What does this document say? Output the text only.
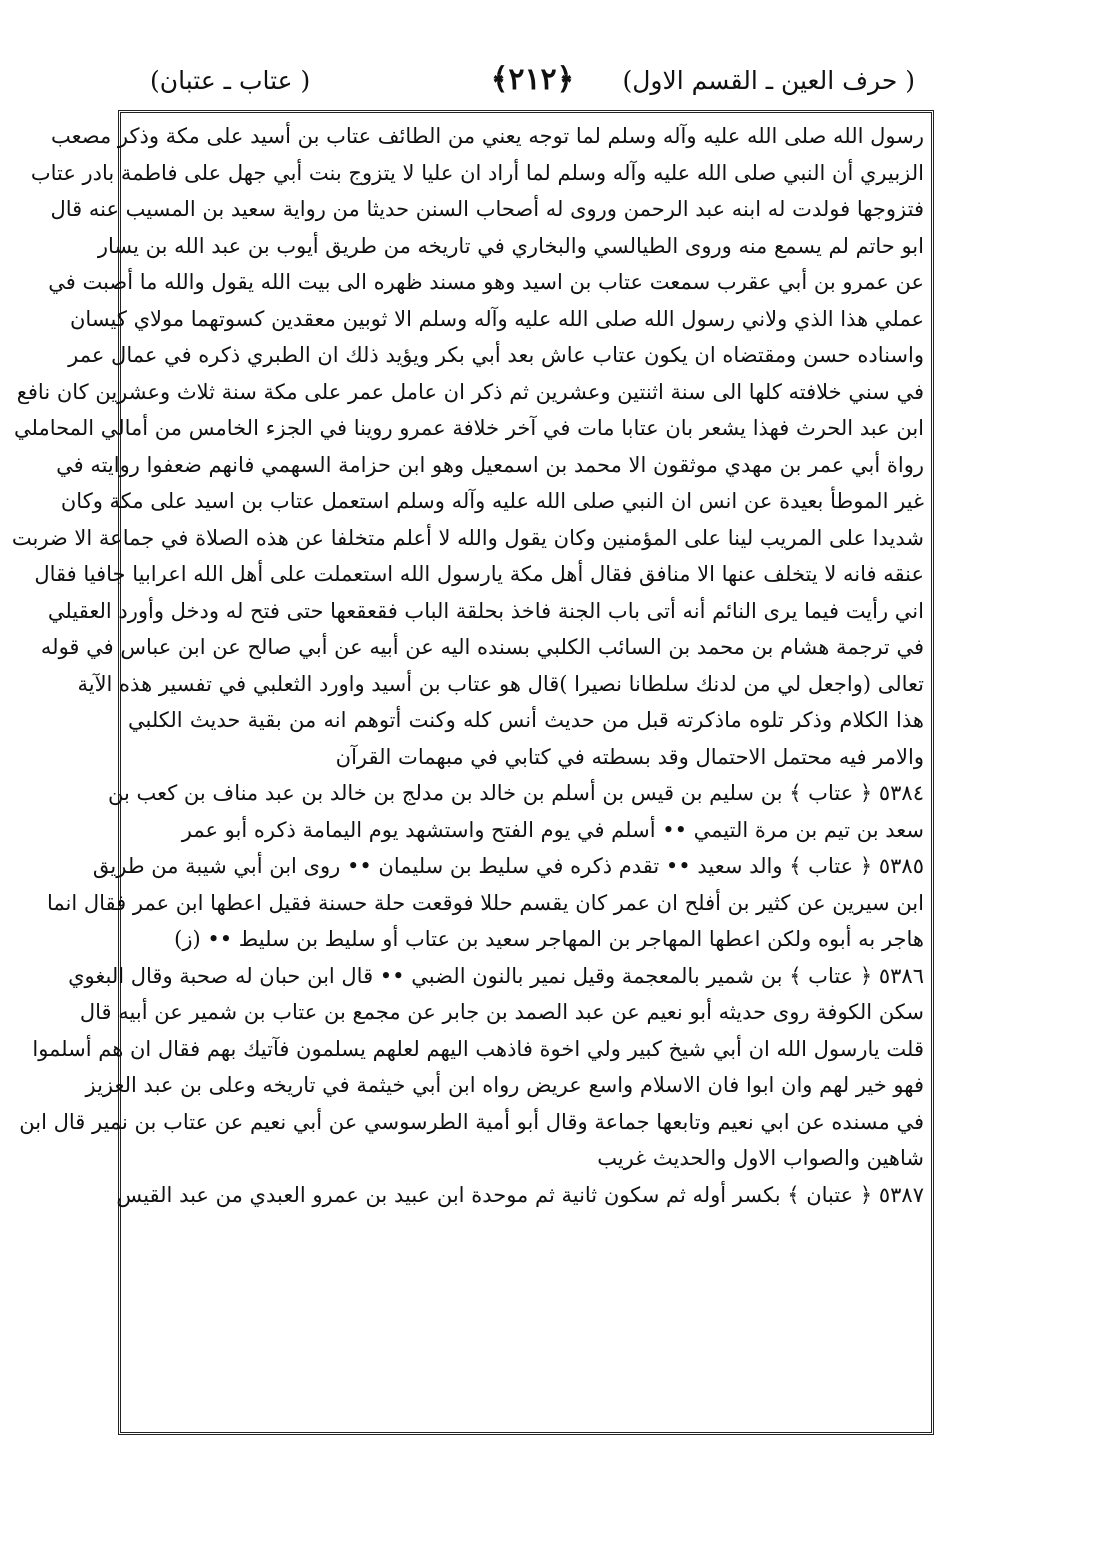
( حرف العين ـ القسم الاول)
﴿٢١٢﴾
( عتاب ـ عتبان)
رسول الله صلى الله عليه وآله وسلم لما توجه يعني من الطائف عتاب بن أسيد على مكة وذكر مصعب
الزبيري أن النبي صلى الله عليه وآله وسلم لما أراد ان عليا لا يتزوج بنت أبي جهل على فاطمة بادر عتاب
فتزوجها فولدت له ابنه عبد الرحمن وروى له أصحاب السنن حديثا من رواية سعيد بن المسيب عنه قال
ابو حاتم لم يسمع منه وروى الطيالسي والبخاري في تاريخه من طريق أيوب بن عبد الله بن يسار
عن عمرو بن أبي عقرب سمعت عتاب بن اسيد وهو مسند ظهره الى بيت الله يقول والله ما أصبت في
عملي هذا الذي ولاني رسول الله صلى الله عليه وآله وسلم الا ثوبين معقدين كسوتهما مولاي كيسان
واسناده حسن ومقتضاه ان يكون عتاب عاش بعد أبي بكر ويؤيد ذلك ان الطبري ذكره في عمال عمر
في سني خلافته كلها الى سنة اثنتين وعشرين ثم ذكر ان عامل عمر على مكة سنة ثلاث وعشرين كان نافع
ابن عبد الحرث فهذا يشعر بان عتابا مات في آخر خلافة عمرو روينا في الجزء الخامس من أمالي المحاملي
رواة أبي عمر بن مهدي موثقون الا محمد بن اسمعيل وهو ابن حزامة السهمي فانهم ضعفوا روايته في
غير الموطأ بعيدة عن انس ان النبي صلى الله عليه وآله وسلم استعمل عتاب بن اسيد على مكة وكان
شديدا على المريب لينا على المؤمنين وكان يقول والله لا أعلم متخلفا عن هذه الصلاة في جماعة الا ضربت
عنقه فانه لا يتخلف عنها الا منافق فقال أهل مكة يارسول الله استعملت على أهل الله اعرابيا جافيا فقال
اني رأيت فيما يرى النائم أنه أتى باب الجنة فاخذ بحلقة الباب فقعقعها حتى فتح له ودخل وأورد العقيلي
في ترجمة هشام بن محمد بن السائب الكلبي بسنده اليه عن أبيه عن أبي صالح عن ابن عباس في قوله
تعالى (واجعل لي من لدنك سلطانا نصيرا )قال هو عتاب بن أسيد واورد الثعلبي في تفسير هذه الآية
هذا الكلام وذكر تلوه ماذكرته قبل من حديث أنس كله وكنت أتوهم انه من بقية حديث الكلبي
والامر فيه محتمل الاحتمال وقد بسطته في كتابي في مبهمات القرآن
٥٣٨٤ ﴿ عتاب ﴾ بن سليم بن قيس بن أسلم بن خالد بن مدلج بن خالد بن عبد مناف بن كعب بن
سعد بن تيم بن مرة التيمي •• أسلم في يوم الفتح واستشهد يوم اليمامة ذكره أبو عمر
٥٣٨٥ ﴿ عتاب ﴾ والد سعيد •• تقدم ذكره في سليط بن سليمان •• روى ابن أبي شيبة من طريق
ابن سيرين عن كثير بن أفلح ان عمر كان يقسم حللا فوقعت حلة حسنة فقيل اعطها ابن عمر فقال انما
هاجر به أبوه ولكن اعطها المهاجر بن المهاجر سعيد بن عتاب أو سليط بن سليط •• (ز)
٥٣٨٦ ﴿ عتاب ﴾ بن شمير بالمعجمة وقيل نمير بالنون الضبي •• قال ابن حبان له صحبة وقال البغوي
سكن الكوفة روى حديثه أبو نعيم عن عبد الصمد بن جابر عن مجمع بن عتاب بن شمير عن أبيه قال
قلت يارسول الله ان أبي شيخ كبير ولي اخوة فاذهب اليهم لعلهم يسلمون فآتيك بهم فقال ان هم أسلموا
فهو خير لهم وان ابوا فان الاسلام واسع عريض رواه ابن أبي خيثمة في تاريخه وعلى بن عبد العزيز
في مسنده عن ابي نعيم وتابعها جماعة وقال أبو أمية الطرسوسي عن أبي نعيم عن عتاب بن نمير قال ابن
شاهين والصواب الاول والحديث غريب
٥٣٨٧ ﴿ عتبان ﴾ بكسر أوله ثم سكون ثانية ثم موحدة ابن عبيد بن عمرو العبدي من عبد القيس
